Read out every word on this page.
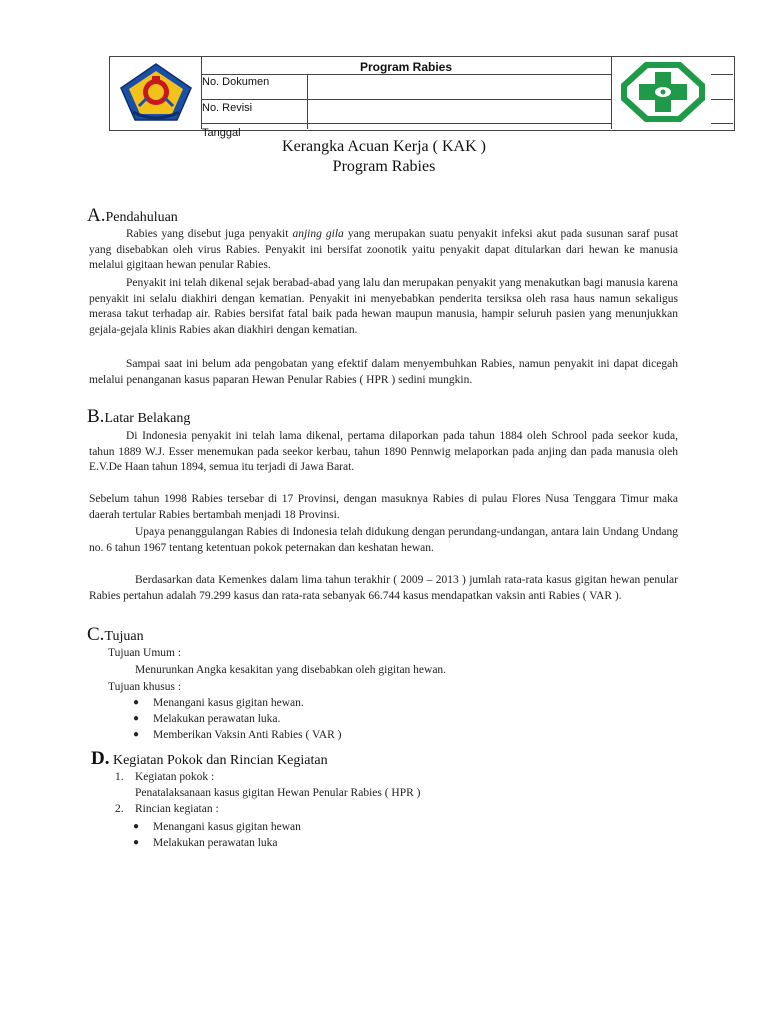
Program Rabies
No. Dokumen
No. Revisi
Tanggal
Kerangka Acuan Kerja ( KAK )
Program Rabies
A.Pendahuluan

Rabies yang disebut juga penyakit anjing gila yang merupakan suatu penyakit infeksi akut pada susunan saraf pusat yang disebabkan oleh virus Rabies. Penyakit ini bersifat zoonotik yaitu penyakit dapat ditularkan dari hewan ke manusia melalui gigitaan hewan penular Rabies.

Penyakit ini telah dikenal sejak berabad-abad yang lalu dan merupakan penyakit yang menakutkan bagi manusia karena penyakit ini selalu diakhiri dengan kematian. Penyakit ini menyebabkan penderita tersiksa oleh rasa haus namun sekaligus merasa takut terhadap air. Rabies bersifat fatal baik pada hewan maupun manusia, hampir seluruh pasien yang menunjukkan gejala-gejala klinis Rabies akan diakhiri dengan kematian.

Sampai saat ini belum ada pengobatan yang efektif dalam menyembuhkan Rabies, namun penyakit ini dapat dicegah melalui penanganan kasus paparan Hewan Penular Rabies ( HPR ) sedini mungkin.

B.Latar Belakang

Di Indonesia penyakit ini telah lama dikenal, pertama dilaporkan pada tahun 1884 oleh Schrool pada seekor kuda, tahun 1889 W.J. Esser menemukan pada seekor kerbau, tahun 1890 Pennwig melaporkan pada anjing dan pada manusia oleh E.V.De Haan tahun 1894, semua itu terjadi di Jawa Barat.

Sebelum tahun 1998 Rabies tersebar di 17 Provinsi, dengan masuknya Rabies di pulau Flores Nusa Tenggara Timur maka daerah tertular Rabies bertambah menjadi 18 Provinsi.

Upaya penanggulangan Rabies di Indonesia telah didukung dengan perundang-undangan, antara lain Undang Undang no. 6 tahun 1967 tentang ketentuan pokok peternakan dan keshatan hewan.

Berdasarkan data Kemenkes dalam lima tahun terakhir ( 2009 – 2013 ) jumlah rata-rata kasus gigitan hewan penular Rabies pertahun adalah 79.299 kasus dan rata-rata sebanyak 66.744 kasus mendapatkan vaksin anti Rabies ( VAR ).

C.Tujuan
Tujuan Umum :
Menurunkan Angka kesakitan yang disebabkan oleh gigitan hewan.
Tujuan khusus :
● Menangani kasus gigitan hewan.
● Melakukan perawatan luka.
● Memberikan Vaksin Anti Rabies ( VAR )
D. Kegiatan Pokok dan Rincian Kegiatan
1. Kegiatan pokok :
Penatalaksanaan kasus gigitan Hewan Penular Rabies ( HPR )
2. Rincian kegiatan :
● Menangani kasus gigitan hewan
● Melakukan perawatan luka
